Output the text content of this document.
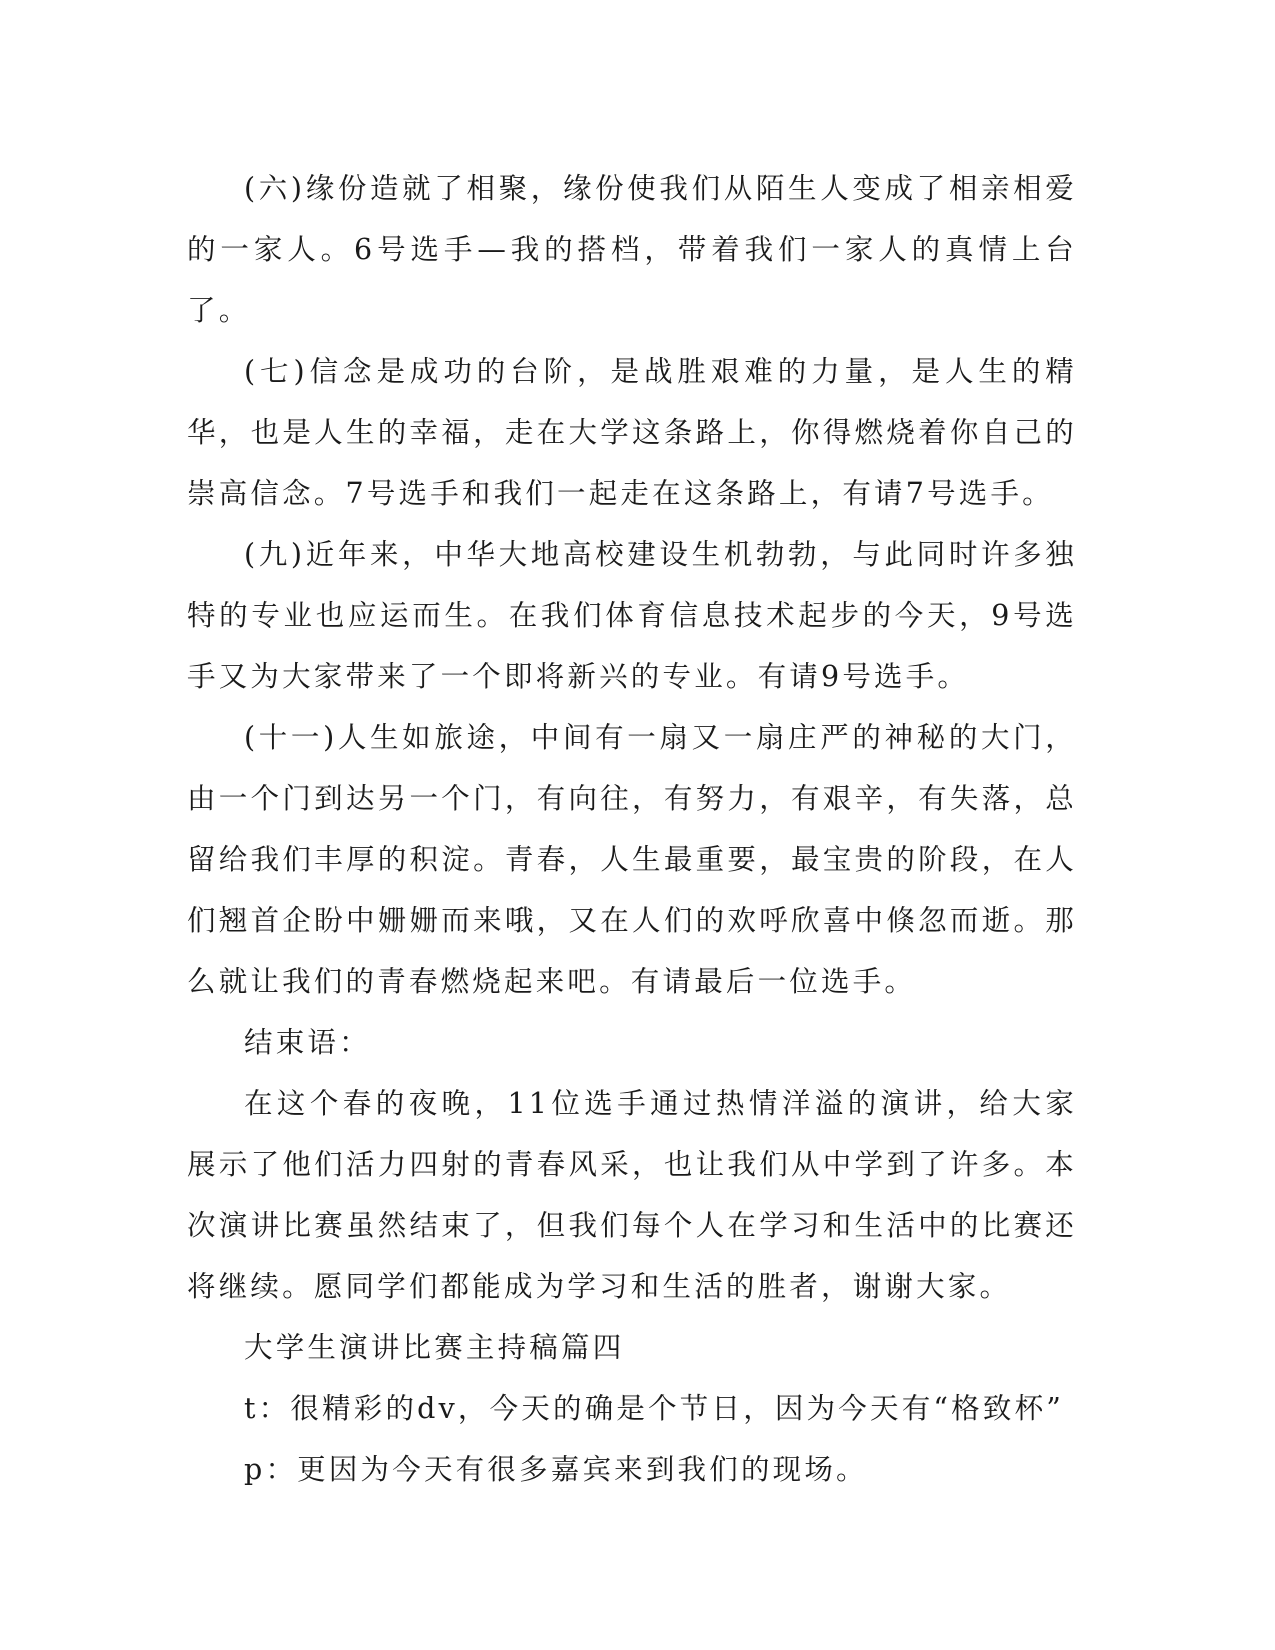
(六)缘份造就了相聚，缘份使我们从陌生人变成了相亲相爱的一家人。6号选手—我的搭档，带着我们一家人的真情上台了。

(七)信念是成功的台阶，是战胜艰难的力量，是人生的精华，也是人生的幸福，走在大学这条路上，你得燃烧着你自己的崇高信念。7号选手和我们一起走在这条路上，有请7号选手。

(九)近年来，中华大地高校建设生机勃勃，与此同时许多独特的专业也应运而生。在我们体育信息技术起步的今天，9号选手又为大家带来了一个即将新兴的专业。有请9号选手。

(十一)人生如旅途，中间有一扇又一扇庄严的神秘的大门，由一个门到达另一个门，有向往，有努力，有艰辛，有失落，总留给我们丰厚的积淀。青春，人生最重要，最宝贵的阶段，在人们翘首企盼中姗姗而来哦，又在人们的欢呼欣喜中倏忽而逝。那么就让我们的青春燃烧起来吧。有请最后一位选手。

结束语：

在这个春的夜晚，11位选手通过热情洋溢的演讲，给大家展示了他们活力四射的青春风采，也让我们从中学到了许多。本次演讲比赛虽然结束了，但我们每个人在学习和生活中的比赛还将继续。愿同学们都能成为学习和生活的胜者，谢谢大家。

大学生演讲比赛主持稿篇四

t：很精彩的dv，今天的确是个节日，因为今天有“格致杯”

p：更因为今天有很多嘉宾来到我们的现场。
